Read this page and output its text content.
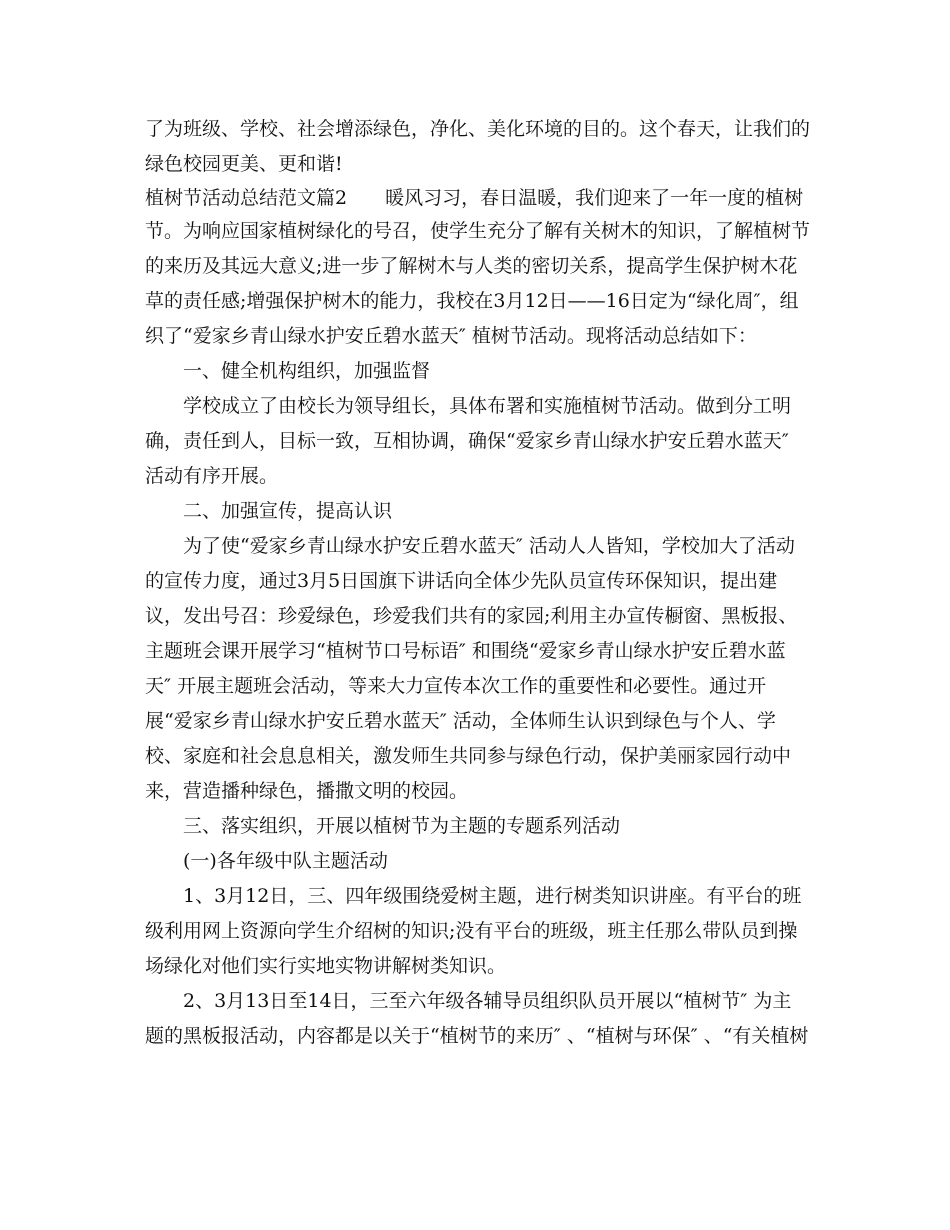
了为班级、学校、社会增添绿色，净化、美化环境的目的。这个春天，让我们的

绿色校园更美、更和谐!

植树节活动总结范文篇2 暖风习习，春日温暖，我们迎来了一年一度的植树

节。为响应国家植树绿化的号召，使学生充分了解有关树木的知识，了解植树节

的来历及其远大意义;进一步了解树木与人类的密切关系，提高学生保护树木花

草的责任感;增强保护树木的能力，我校在3月12日——16日定为“绿化周″，组

织了“爱家乡青山绿水护安丘碧水蓝天″ 植树节活动。现将活动总结如下：

一、健全机构组织，加强监督

学校成立了由校长为领导组长，具体布署和实施植树节活动。做到分工明

确，责任到人，目标一致，互相协调，确保“爱家乡青山绿水护安丘碧水蓝天″

活动有序开展。

二、加强宣传，提高认识

为了使“爱家乡青山绿水护安丘碧水蓝天″ 活动人人皆知，学校加大了活动

的宣传力度，通过3月5日国旗下讲话向全体少先队员宣传环保知识，提出建

议，发出号召：珍爱绿色，珍爱我们共有的家园;利用主办宣传橱窗、黑板报、

主题班会课开展学习“植树节口号标语″ 和围绕“爱家乡青山绿水护安丘碧水蓝

天″ 开展主题班会活动，等来大力宣传本次工作的重要性和必要性。通过开

展“爱家乡青山绿水护安丘碧水蓝天″ 活动，全体师生认识到绿色与个人、学

校、家庭和社会息息相关，激发师生共同参与绿色行动，保护美丽家园行动中

来，营造播种绿色，播撒文明的校园。

三、落实组织，开展以植树节为主题的专题系列活动

(一)各年级中队主题活动

1、3月12日，三、四年级围绕爱树主题，进行树类知识讲座。有平台的班

级利用网上资源向学生介绍树的知识;没有平台的班级，班主任那么带队员到操

场绿化对他们实行实地实物讲解树类知识。

2、3月13日至14日，三至六年级各辅导员组织队员开展以“植树节″ 为主

题的黑板报活动，内容都是以关于“植树节的来历″ 、“植树与环保″ 、“有关植树
